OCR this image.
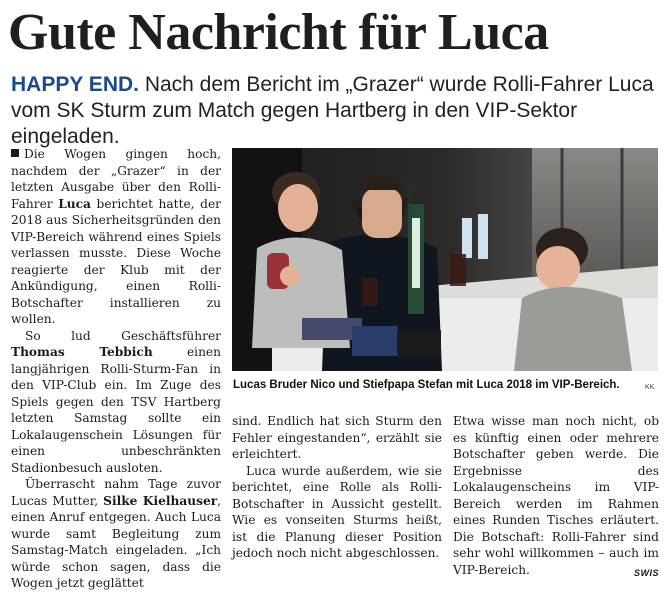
Gute Nachricht für Luca

HAPPY END. Nach dem Bericht im „Grazer“ wurde Rolli-Fahrer Luca vom SK Sturm zum Match gegen Hartberg in den VIP-Sektor eingeladen.

Die Wogen gingen hoch, nachdem der „Grazer“ in der letzten Ausgabe über den Rolli-Fahrer Luca berichtet hatte, der 2018 aus Sicherheitsgründen den VIP-Bereich während eines Spiels verlassen musste. Diese Woche reagierte der Klub mit der Ankündigung, einen Rolli-Botschafter installieren zu wollen.

So lud Geschäftsführer Thomas Tebbich einen langjährigen Rolli-Sturm-Fan in den VIP-Club ein. Im Zuge des Spiels gegen den TSV Hartberg letzten Samstag sollte ein Lokalaugenschein Lösungen für einen unbeschränkten Stadionbesuch ausloten.

Überrascht nahm Tage zuvor Lucas Mutter, Silke Kielhauser, einen Anruf entgegen. Auch Luca wurde samt Begleitung zum Samstag-Match eingeladen. „Ich würde schon sagen, dass die Wogen jetzt geglättet

GRAWE Group
Lucas Bruder Nico und Stiefpapa Stefan mit Luca 2018 im VIP-Bereich.	KK

sind. Endlich hat sich Sturm den Fehler eingestanden“, erzählt sie erleichtert.

Luca wurde außerdem, wie sie berichtet, eine Rolle als Rolli-Botschafter in Aussicht gestellt. Wie es vonseiten Sturms heißt, ist die Planung dieser Position jedoch noch nicht abgeschlossen.

Etwa wisse man noch nicht, ob es künftig einen oder mehrere Botschafter geben werde. Die Ergebnisse des Lokalaugenscheins im VIP-Bereich werden im Rahmen eines Runden Tisches erläutert. Die Botschaft: Rolli-Fahrer sind sehr wohl willkommen – auch im VIP-Bereich.	SWIS
